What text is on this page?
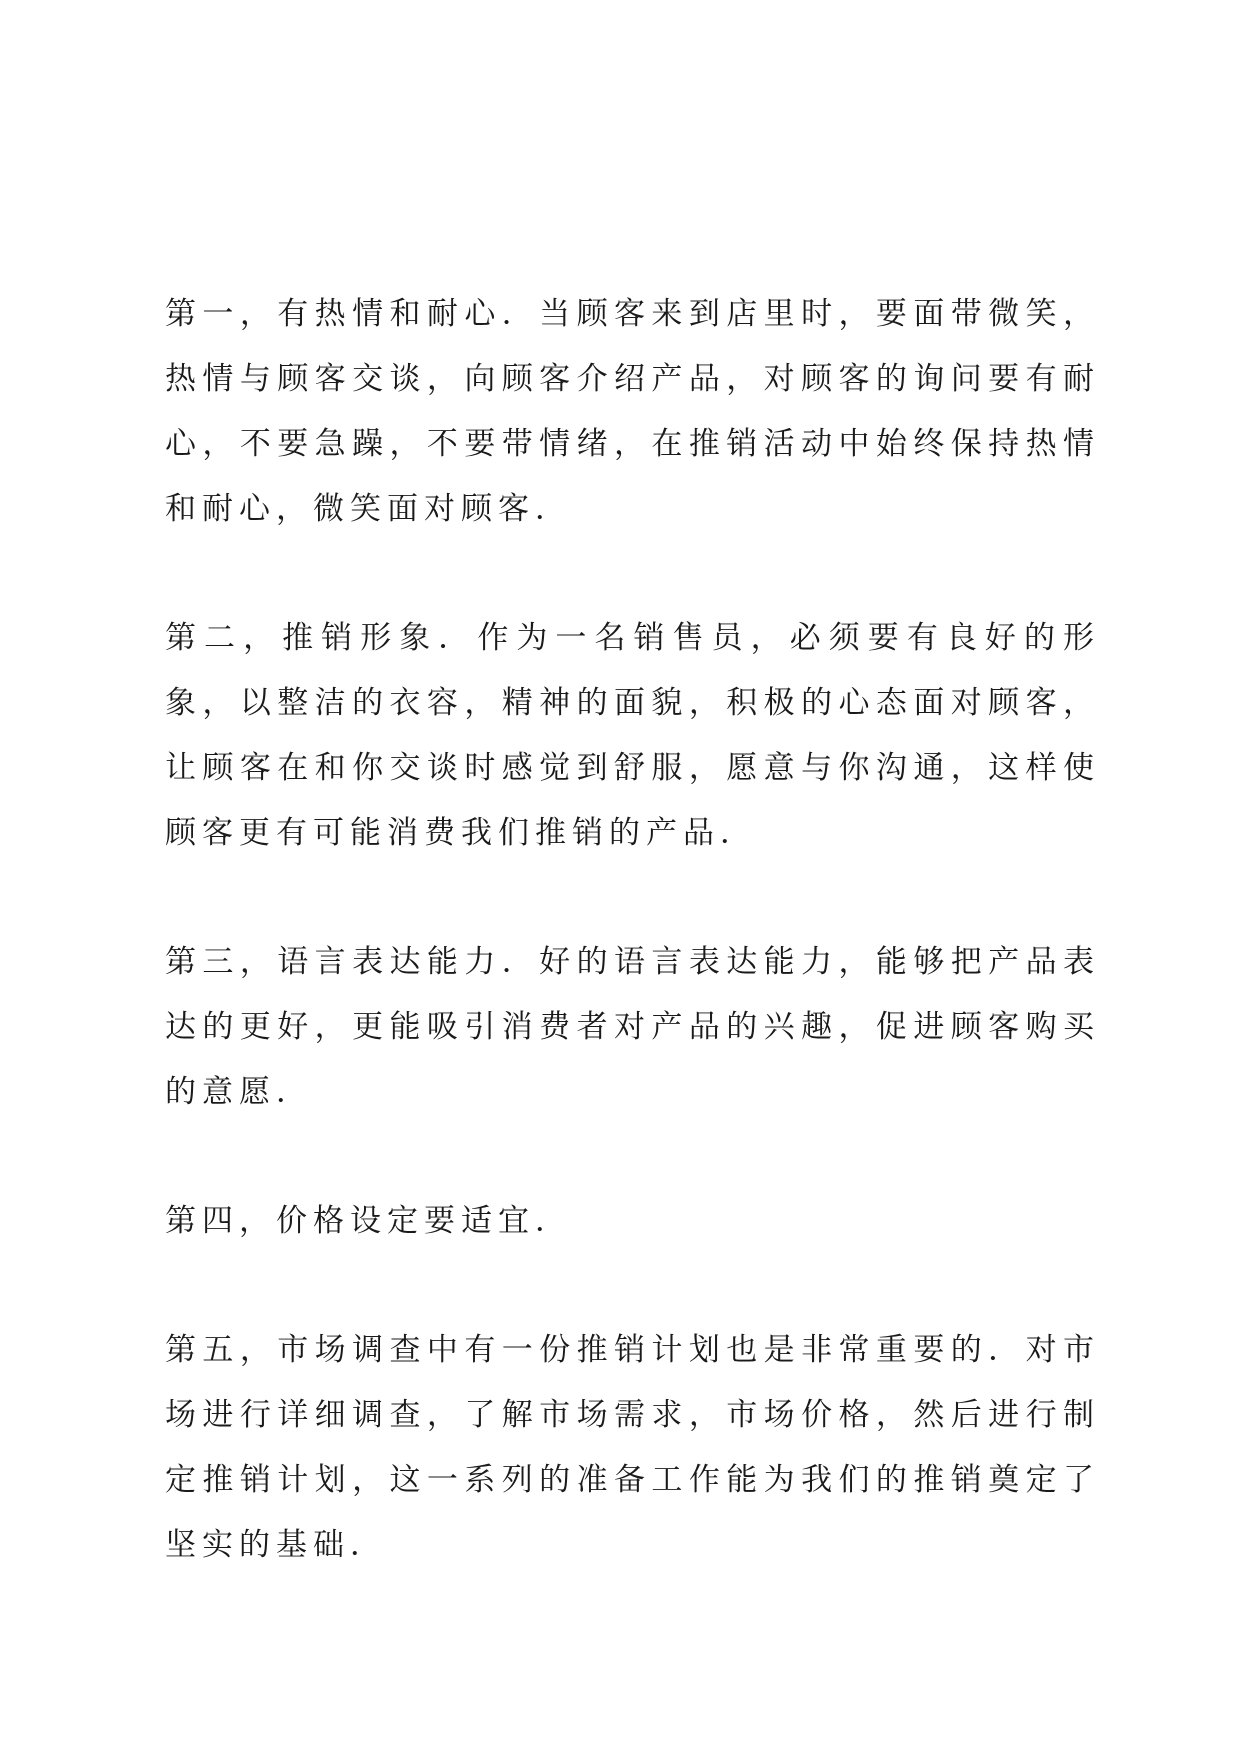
第一，有热情和耐心．当顾客来到店里时，要面带微笑，热情与顾客交谈，向顾客介绍产品，对顾客的询问要有耐心，不要急躁，不要带情绪，在推销活动中始终保持热情和耐心，微笑面对顾客．

第二，推销形象．作为一名销售员，必须要有良好的形象，以整洁的衣容，精神的面貌，积极的心态面对顾客，让顾客在和你交谈时感觉到舒服，愿意与你沟通，这样使顾客更有可能消费我们推销的产品．

第三，语言表达能力．好的语言表达能力，能够把产品表达的更好，更能吸引消费者对产品的兴趣，促进顾客购买的意愿．

第四，价格设定要适宜．

第五，市场调查中有一份推销计划也是非常重要的．对市场进行详细调查，了解市场需求，市场价格，然后进行制定推销计划，这一系列的准备工作能为我们的推销奠定了坚实的基础．
